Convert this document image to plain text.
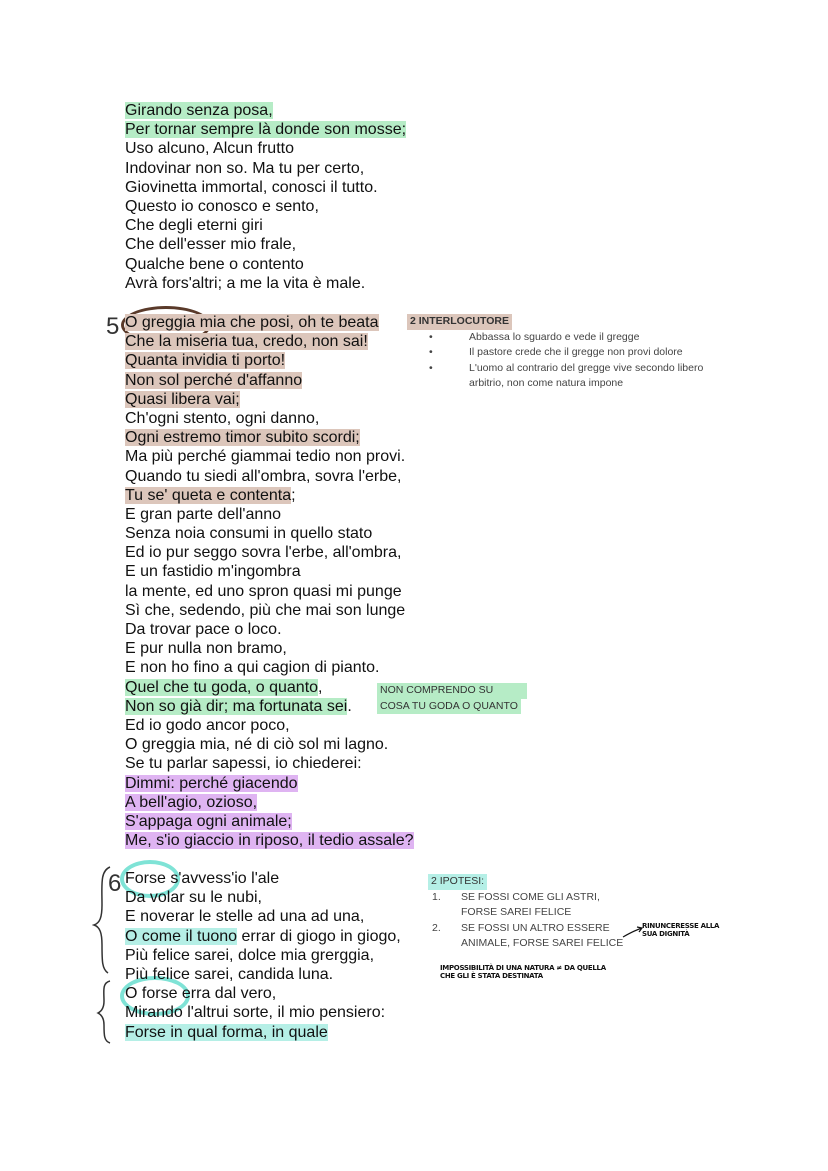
Girando senza posa,
Per tornar sempre là donde son mosse;
Uso alcuno, Alcun frutto
Indovinar non so. Ma tu per certo,
Giovinetta immortal, conosci il tutto.
Questo io conosco e sento,
Che degli eterni giri
Che dell'esser mio frale,
Qualche bene o contento
Avrà fors'altri; a me la vita è male.
5 O greggia mia che posi, oh te beata
Che la miseria tua, credo, non sai!
Quanta invidia ti porto!
Non sol perché d'affanno
Quasi libera vai;
Ch'ogni stento, ogni danno,
Ogni estremo timor subito scordi;
Ma più perché giammai tedio non provi.
Quando tu siedi all'ombra, sovra l'erbe,
Tu se' queta e contenta;
E gran parte dell'anno
Senza noia consumi in quello stato
Ed io pur seggo sovra l'erbe, all'ombra,
E un fastidio m'ingombra
la mente, ed uno spron quasi mi punge
Sì che, sedendo, più che mai son lunge
Da trovar pace o loco.
E pur nulla non bramo,
E non ho fino a qui cagion di pianto.
Quel che tu goda, o quanto,
Non so già dir; ma fortunata sei.
Ed io godo ancor poco,
O greggia mia, né di ciò sol mi lagno.
Se tu parlar sapessi, io chiederei:
Dimmi: perché giacendo
A bell'agio, ozioso,
S'appaga ogni animale;
Me, s'io giaccio in riposo, il tedio assale?
2 INTERLOCUTORE
•	Abbassa lo sguardo e vede il gregge
•	Il pastore crede che il gregge non provi dolore
•	L'uomo al contrario del gregge vive secondo libero arbitrio, non come natura impone
NON COMPRENDO SU
COSA TU GODA O QUANTO
6 Forse s'avvess'io l'ale
Da volar su le nubi,
E noverar le stelle ad una ad una,
O come il tuono errar di giogo in giogo,
Più felice sarei, dolce mia grerggia,
Più felice sarei, candida luna.
O forse erra dal vero,
Mirando l'altrui sorte, il mio pensiero:
Forse in qual forma, in quale
2 IPOTESI:
1. SE FOSSI COME GLI ASTRI, FORSE SAREI FELICE
2. SE FOSSI UN ALTRO ESSERE ANIMALE, FORSE SAREI FELICE
RINUNCERESSE ALLA SUA DIGNITÀ
IMPOSSIBILITÀ DI UNA NATURA ≠ DA QUELLA CHE GLI È STATA DESTINATA
